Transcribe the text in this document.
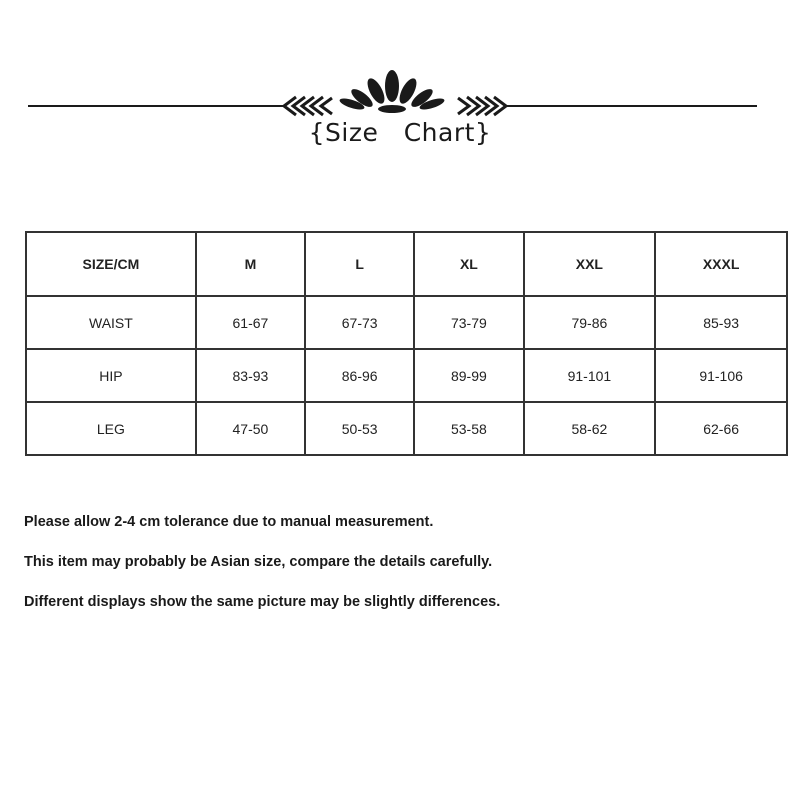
{Size   Chart}
SIZE/CM	M	L	XL	XXL	XXXL
WAIST	61-67	67-73	73-79	79-86	85-93
HIP	83-93	86-96	89-99	91-101	91-106
LEG	47-50	50-53	53-58	58-62	62-66
Please allow 2-4 cm tolerance due to manual measurement.
This item may probably be Asian size, compare the details carefully.
Different displays show the same picture may be slightly differences.
